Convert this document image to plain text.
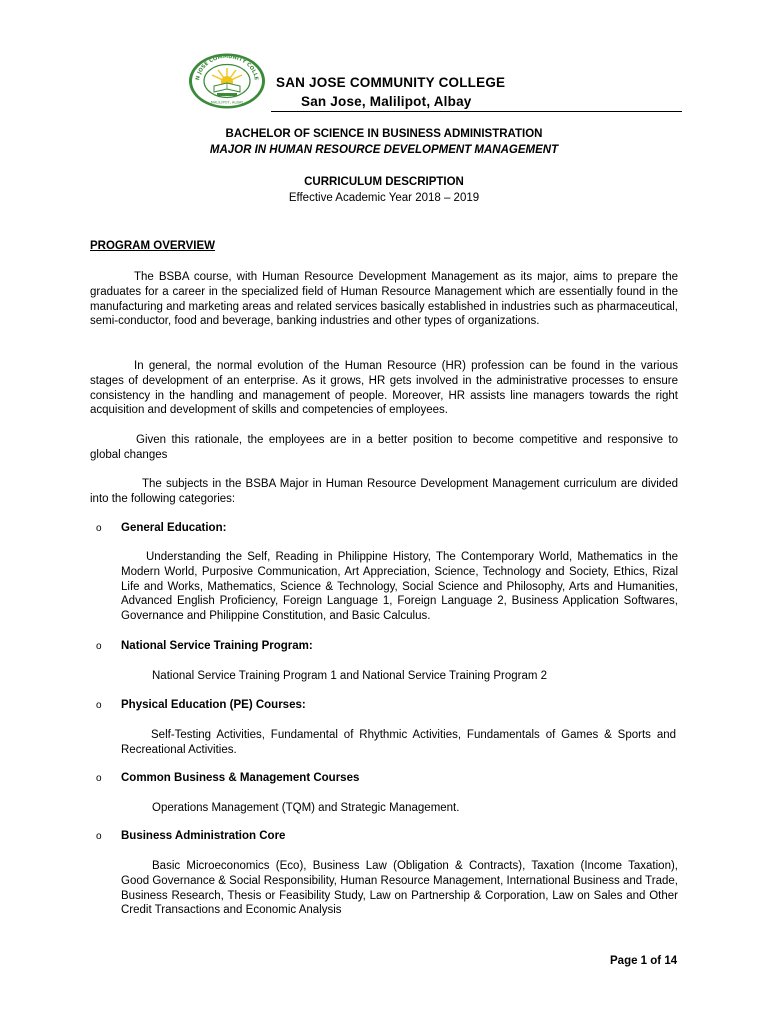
N JOSE COMMUNITY COLLE
MALILIPOT, ALBAY
SAN JOSE COMMUNITY COLLEGE
San Jose, Malilipot, Albay
BACHELOR OF SCIENCE IN BUSINESS ADMINISTRATION
MAJOR IN HUMAN RESOURCE DEVELOPMENT MANAGEMENT
CURRICULUM DESCRIPTION
Effective Academic Year 2018 – 2019
PROGRAM OVERVIEW

The BSBA course, with Human Resource Development Management as its major, aims to prepare the graduates for a career in the specialized field of Human Resource Management which are essentially found in the manufacturing and marketing areas and related services basically established in industries such as pharmaceutical, semi-conductor, food and beverage, banking industries and other types of organizations.

In general, the normal evolution of the Human Resource (HR) profession can be found in the various stages of development of an enterprise. As it grows, HR gets involved in the administrative processes to ensure consistency in the handling and management of people. Moreover, HR assists line managers towards the right acquisition and development of skills and competencies of employees.

Given this rationale, the employees are in a better position to become competitive and responsive to global changes

The subjects in the BSBA Major in Human Resource Development Management curriculum are divided into the following categories:

o General Education:

Understanding the Self, Reading in Philippine History, The Contemporary World, Mathematics in the Modern World, Purposive Communication, Art Appreciation, Science, Technology and Society, Ethics, Rizal Life and Works, Mathematics, Science & Technology, Social Science and Philosophy, Arts and Humanities, Advanced English Proficiency, Foreign Language 1, Foreign Language 2, Business Application Softwares, Governance and Philippine Constitution, and Basic Calculus.

o National Service Training Program:

National Service Training Program 1 and National Service Training Program 2

o Physical Education (PE) Courses:

Self-Testing Activities, Fundamental of Rhythmic Activities, Fundamentals of Games & Sports and Recreational Activities.

o Common Business & Management Courses

Operations Management (TQM) and Strategic Management.

o Business Administration Core

Basic Microeconomics (Eco), Business Law (Obligation & Contracts), Taxation (Income Taxation), Good Governance & Social Responsibility, Human Resource Management, International Business and Trade, Business Research, Thesis or Feasibility Study, Law on Partnership & Corporation, Law on Sales and Other Credit Transactions and Economic Analysis

Page 1 of 14
